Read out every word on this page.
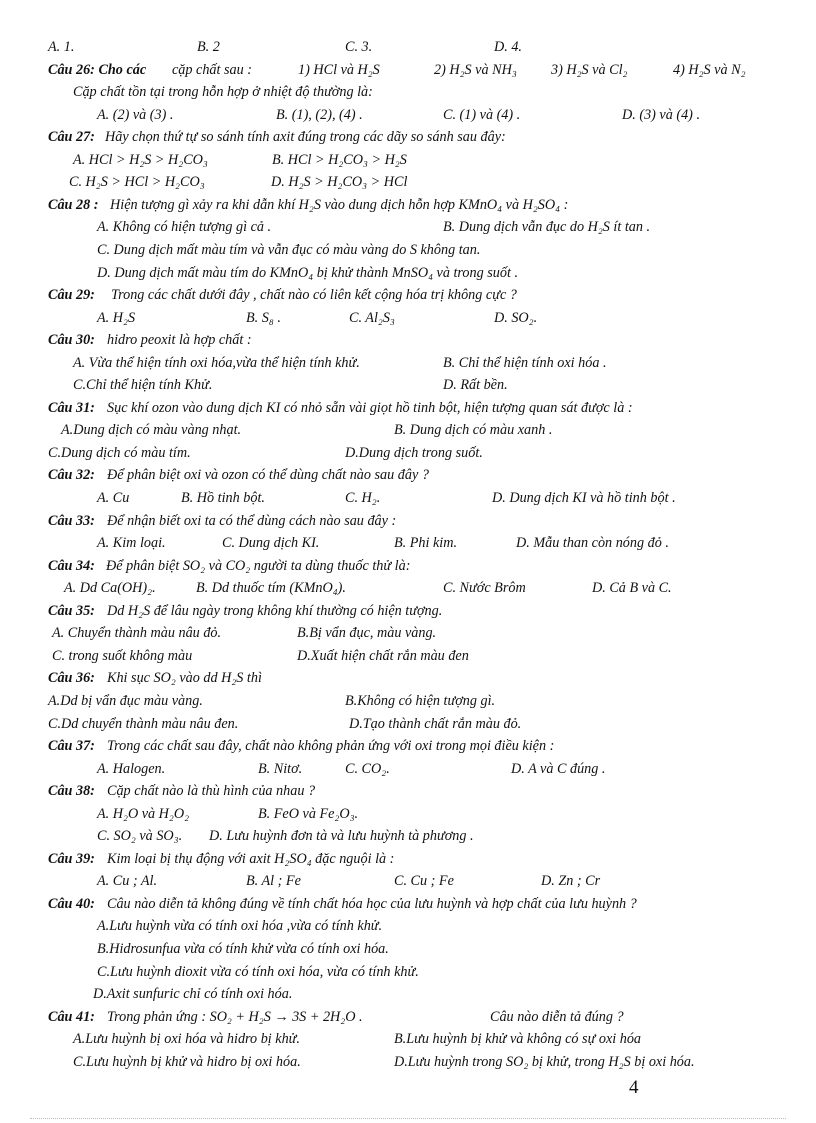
A. 1.	B. 2	C. 3.	D. 4.
Câu 26: Cho các cặp chất sau :	1) HCl và H₂S	2) H₂S và NH₃ 3) H₂S và Cl₂	4) H₂S và N₂
Cặp chất tồn tại trong hỗn hợp ở nhiệt độ thường là:
A. (2) và (3) .	B. (1), (2), (4) .	C. (1) và (4) .	D. (3) và (4) .
Câu 27: Hãy chọn thứ tự so sánh tính axit đúng trong các dãy so sánh sau đây:
A. HCl > H₂S > H₂CO₃	B. HCl > H₂CO₃ > H₂S
C. H₂S > HCl > H₂CO₃	D. H₂S > H₂CO₃ > HCl
Câu 28 : Hiện tượng gì xảy ra khi dẫn khí H₂S vào dung dịch hỗn hợp KMnO₄ và H₂SO₄ :
A. Không có hiện tượng gì cả .	B. Dung dịch vẫn đục do H₂S ít tan .
C. Dung dịch mất màu tím và vẫn đục có màu vàng do S không tan.
D. Dung dịch mất màu tím do KMnO₄ bị khử thành MnSO₄ và trong suốt .
Câu 29: Trong các chất dưới đây , chất nào có liên kết cộng hóa trị không cực ?
A. H₂S	B. S₈ .	C. Al₂S₃	D. SO₂.
Câu 30: hidro peoxit là hợp chất :
A. Vừa thể hiện tính oxi hóa,vừa thể hiện tính khử.	B. Chỉ thể hiện tính oxi hóa .
C.Chỉ thể hiện tính Khử.	D. Rất bền.
Câu 31: Sục khí ozon vào dung dịch KI có nhỏ sẵn vài giọt hồ tinh bột, hiện tượng quan sát được là :
A.Dung dịch có màu vàng nhạt.	B. Dung dịch có màu xanh .
C.Dung dịch có màu tím.	D.Dung dịch trong suốt.
Câu 32: Để phân biệt oxi và ozon có thể dùng chất nào sau đây ?
A. Cu	B. Hồ tinh bột.	C. H₂.	D. Dung dịch KI và hồ tinh bột .
Câu 33: Để nhận biết oxi ta có thể dùng cách nào sau đây :
A. Kim loại.	C. Dung dịch KI.	B. Phi kim.	D. Mẫu than còn nóng đỏ .
Câu 34: Để phân biệt SO₂ và CO₂ người ta dùng thuốc thử là:
A. Dd Ca(OH)₂.	B. Dd thuốc tím (KMnO₄).	C. Nước Brôm	D. Cả B và C.
Câu 35: Dd H₂S để lâu ngày trong không khí thường có hiện tượng.
A. Chuyển thành màu nâu đỏ.	B.Bị vẩn đục, màu vàng.
C. trong suốt không màu	D.Xuất hiện chất rắn màu đen
Câu 36: Khi sục SO₂ vào dd H₂S thì
A.Dd bị vẩn đục màu vàng.	B.Không có hiện tượng gì.
C.Dd chuyển thành màu nâu đen.	D.Tạo thành chất rắn màu đỏ.
Câu 37: Trong các chất sau đây, chất nào không phản ứng với oxi trong mọi điều kiện :
A. Halogen.	B. Nitơ.	C. CO₂.	D. A và C đúng .
Câu 38: Cặp chất nào là thù hình của nhau ?
A. H₂O và H₂O₂	B. FeO và Fe₂O₃.
C. SO₂ và SO₃. D. Lưu huỳnh đơn tà và lưu huỳnh tà phương .
Câu 39: Kim loại bị thụ động với axit H₂SO₄ đặc nguội là :
A. Cu ; Al.	B. Al ; Fe	C. Cu ; Fe	D. Zn ; Cr
Câu 40: Câu nào diễn tả không đúng về tính chất hóa học của lưu huỳnh và hợp chất của lưu huỳnh ?
A.Lưu huỳnh vừa có tính oxi hóa ,vừa có tính khử.
B.Hidrosunfua vừa có tính khử vừa có tính oxi hóa.
C.Lưu huỳnh dioxit vừa có tính oxi hóa, vừa có tính khử.
D.Axit sunfuric chỉ có tính oxi hóa.
Câu 41: Trong phản ứng : SO₂ + H₂S → 3S + 2H₂O .	Câu nào diễn tả đúng ?
A.Lưu huỳnh bị oxi hóa và hidro bị khử.	B.Lưu huỳnh bị khử và không có sự oxi hóa
C.Lưu huỳnh bị khử và hidro bị oxi hóa.	D.Lưu huỳnh trong SO₂ bị khử, trong H₂S bị oxi hóa.
4
